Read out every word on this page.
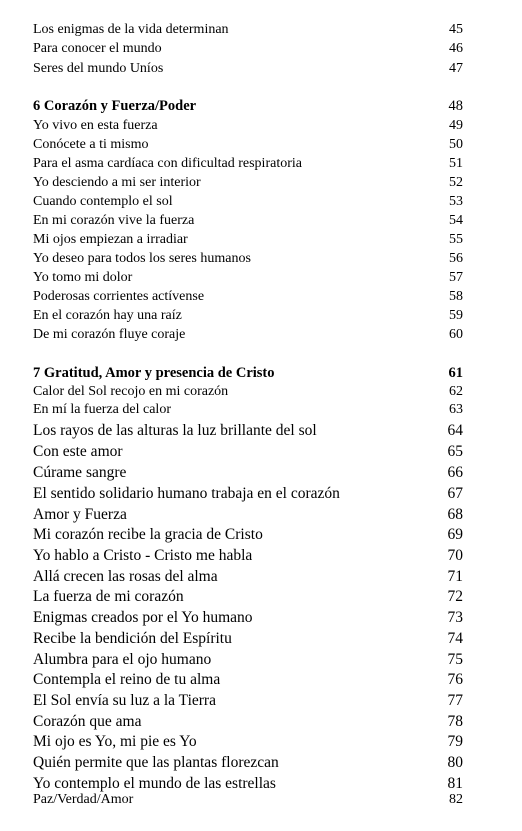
Los enigmas de la vida determinan	45
Para conocer el mundo	46
Seres del mundo Uníos	47
6 Corazón y Fuerza/Poder	48
Yo vivo en esta fuerza	49
Conócete a ti mismo	50
Para el asma cardíaca con dificultad respiratoria	51
Yo desciendo a mi ser interior	52
Cuando contemplo el sol	53
En mi corazón vive la fuerza	54
Mi ojos empiezan a irradiar	55
Yo deseo para todos los seres humanos	56
Yo tomo mi dolor	57
Poderosas corrientes actívense	58
En el corazón hay una raíz	59
De mi corazón fluye coraje	60
7 Gratitud, Amor y presencia de Cristo	61
Calor del Sol recojo en mi corazón	62
En mí la fuerza del calor	63
Los rayos de las alturas la luz brillante del sol	64
Con este amor	65
Cúrame sangre	66
El sentido solidario humano trabaja en el corazón	67
Amor y Fuerza	68
Mi corazón recibe la gracia de Cristo	69
Yo hablo a Cristo - Cristo me habla	70
Allá crecen las rosas del alma	71
La fuerza de mi corazón	72
Enigmas creados por el Yo humano	73
Recibe la bendición del Espíritu	74
Alumbra para el ojo humano	75
Contempla el reino de tu alma	76
El Sol envía su luz a la Tierra	77
Corazón que ama	78
Mi ojo es Yo, mi pie es Yo	79
Quién permite que las plantas florezcan	80
Yo contemplo el mundo de las estrellas	81
Paz/Verdad/Amor	82
